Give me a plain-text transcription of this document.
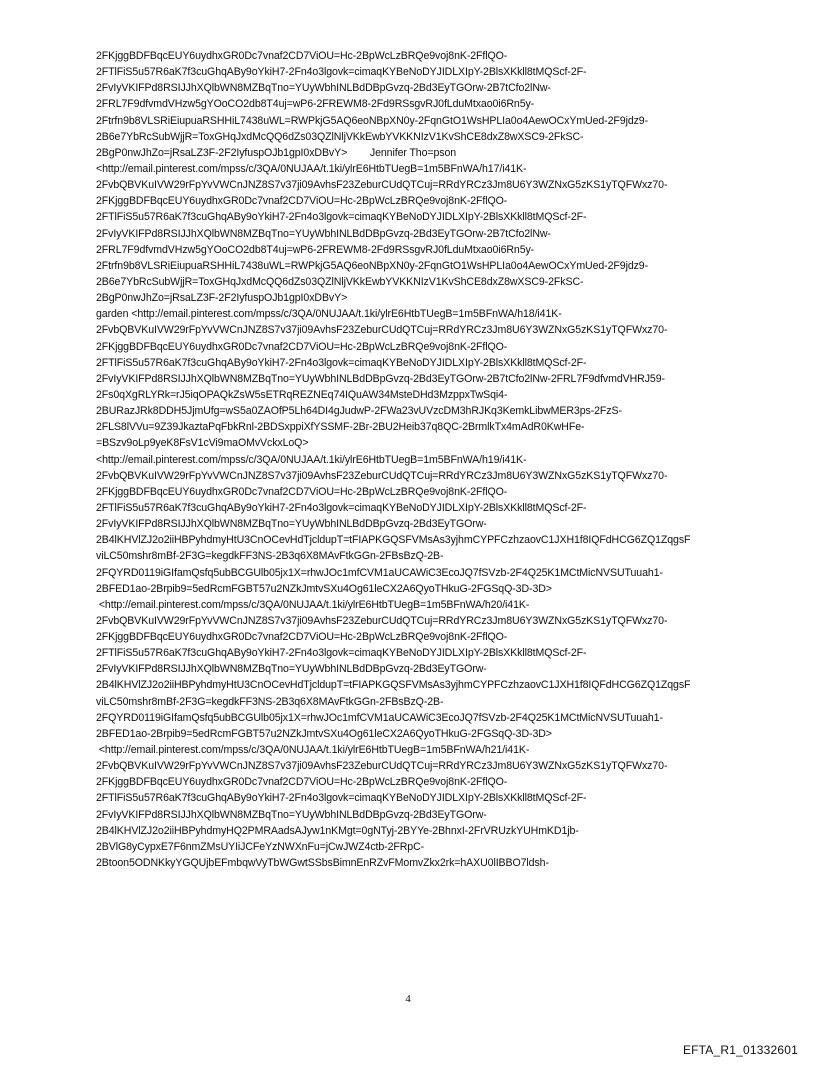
2FKjggBDFBqcEUY6uydhxGR0Dc7vnaf2CD7ViOU=Hc-2BpWcLzBRQe9voj8nK-2FflQO-
2FTlFiS5u57R6aK7f3cuGhqABy9oYkiH7-2Fn4o3lgovk=cimaqKYBeNoDYJIDLXIpY-2BlsXKkll8tMQScf-2F-
2FvIyVKIFPd8RSIJJhXQlbWN8MZBqTno=YUyWbhINLBdDBpGvzq-2Bd3EyTGOrw-2B7tCfo2lNw-
2FRL7F9dfvmdVHzw5gYOoCO2db8T4uj=wP6-2FREWM8-2Fd9RSsgvRJ0fLduMtxao0i6Rn5y-
2Ftrfn9b8VLSRiEiupuaRSHHiL7438uWL=RWPkjG5AQ6eoNBpXN0y-2FqnGtO1WsHPLIa0o4AewOCxYmUed-2F9jdz9-
2B6e7YbRcSubWjjR=ToxGHqJxdMcQQ6dZs03QZlNljVKkEwbYVKKNIzV1KvShCE8dxZ8wXSC9-2FkSC-
2BgP0nwJhZo=jRsaLZ3F-2F2IyfuspOJb1gpI0xDBvY>        Jennifer Tho=pson
<http://email.pinterest.com/mpss/c/3QA/0NUJAA/t.1ki/ylrE6HtbTUegB=1m5BFnWA/h17/i41K-
2FvbQBVKuIVW29rFpYvVWCnJNZ8S7v37ji09AvhsF23ZeburCUdQTCuj=RRdYRCz3Jm8U6Y3WZNxG5zKS1yTQFWxz70-
2FKjggBDFBqcEUY6uydhxGR0Dc7vnaf2CD7ViOU=Hc-2BpWcLzBRQe9voj8nK-2FflQO-
2FTlFiS5u57R6aK7f3cuGhqABy9oYkiH7-2Fn4o3lgovk=cimaqKYBeNoDYJIDLXIpY-2BlsXKkll8tMQScf-2F-
2FvIyVKIFPd8RSIJJhXQlbWN8MZBqTno=YUyWbhINLBdDBpGvzq-2Bd3EyTGOrw-2B7tCfo2lNw-
2FRL7F9dfvmdVHzw5gYOoCO2db8T4uj=wP6-2FREWM8-2Fd9RSsgvRJ0fLduMtxao0i6Rn5y-
2Ftrfn9b8VLSRiEiupuaRSHHiL7438uWL=RWPkjG5AQ6eoNBpXN0y-2FqnGtO1WsHPLIa0o4AewOCxYmUed-2F9jdz9-
2B6e7YbRcSubWjjR=ToxGHqJxdMcQQ6dZs03QZlNljVKkEwbYVKKNIzV1KvShCE8dxZ8wXSC9-2FkSC-
2BgP0nwJhZo=jRsaLZ3F-2F2IyfuspOJb1gpI0xDBvY>
garden <http://email.pinterest.com/mpss/c/3QA/0NUJAA/t.1ki/ylrE6HtbTUegB=1m5BFnWA/h18/i41K-
2FvbQBVKuIVW29rFpYvVWCnJNZ8S7v37ji09AvhsF23ZeburCUdQTCuj=RRdYRCz3Jm8U6Y3WZNxG5zKS1yTQFWxz70-
2FKjggBDFBqcEUY6uydhxGR0Dc7vnaf2CD7ViOU=Hc-2BpWcLzBRQe9voj8nK-2FflQO-
2FTlFiS5u57R6aK7f3cuGhqABy9oYkiH7-2Fn4o3lgovk=cimaqKYBeNoDYJIDLXIpY-2BlsXKkll8tMQScf-2F-
2FvIyVKIFPd8RSIJJhXQlbWN8MZBqTno=YUyWbhINLBdDBpGvzq-2Bd3EyTGOrw-2B7tCfo2lNw-2FRL7F9dfvmdVHRJ59-
2Fs0qXgRLYRk=rJ5iqOPAQkZsW5sETRqREZNEq74IQuAW34MsteDHd3MzppxTwSqi4-
2BURazJRk8DDH5JjmUfg=wS5a0ZAOfP5Lh64DI4gJudwP-2FWa23vUVzcDM3hRJKq3KemkLibwMER3ps-2FzS-
2FLS8lVVu=9Z39JkaztaPqFbkRnl-2BDSxppiXfYSSMF-2Br-2BU2Heib37q8QC-2BrmlkTx4mAdR0KwHFe-
=BSzv9oLp9yeK8FsV1cVi9maOMvVckxLoQ>
<http://email.pinterest.com/mpss/c/3QA/0NUJAA/t.1ki/ylrE6HtbTUegB=1m5BFnWA/h19/i41K-
2FvbQBVKuIVW29rFpYvVWCnJNZ8S7v37ji09AvhsF23ZeburCUdQTCuj=RRdYRCz3Jm8U6Y3WZNxG5zKS1yTQFWxz70-
2FKjggBDFBqcEUY6uydhxGR0Dc7vnaf2CD7ViOU=Hc-2BpWcLzBRQe9voj8nK-2FflQO-
2FTlFiS5u57R6aK7f3cuGhqABy9oYkiH7-2Fn4o3lgovk=cimaqKYBeNoDYJIDLXIpY-2BlsXKkll8tMQScf-2F-
2FvIyVKIFPd8RSIJJhXQlbWN8MZBqTno=YUyWbhINLBdDBpGvzq-2Bd3EyTGOrw-
2B4lKHVlZJ2o2iiHBPyhdmyHtU3CnOCevHdTjcldupT=tFIAPKGQSFVMsAs3yjhmCYPFCzhzaovC1JXH1f8IQFdHCG6ZQ1ZqgsF
viLC50mshr8mBf-2F3G=kegdkFF3NS-2B3q6X8MAvFtkGGn-2FBsBzQ-2B-
2FQYRD0119iGIfamQsfq5ubBCGUlb05jx1X=rhwJOc1mfCVM1aUCAWiC3EcoJQ7fSVzb-2F4Q25K1MCtMicNVSUTuuah1-
2BFED1ao-2Brpib9=5edRcmFGBT57u2NZkJmtvSXu4Og61leCX2A6QyoTHkuG-2FGSqQ-3D-3D>
<http://email.pinterest.com/mpss/c/3QA/0NUJAA/t.1ki/ylrE6HtbTUegB=1m5BFnWA/h20/i41K-
2FvbQBVKuIVW29rFpYvVWCnJNZ8S7v37ji09AvhsF23ZeburCUdQTCuj=RRdYRCz3Jm8U6Y3WZNxG5zKS1yTQFWxz70-
2FKjggBDFBqcEUY6uydhxGR0Dc7vnaf2CD7ViOU=Hc-2BpWcLzBRQe9voj8nK-2FflQO-
2FTlFiS5u57R6aK7f3cuGhqABy9oYkiH7-2Fn4o3lgovk=cimaqKYBeNoDYJIDLXIpY-2BlsXKkll8tMQScf-2F-
2FvIyVKIFPd8RSIJJhXQlbWN8MZBqTno=YUyWbhINLBdDBpGvzq-2Bd3EyTGOrw-
2B4lKHVlZJ2o2iiHBPyhdmyHtU3CnOCevHdTjcldupT=tFIAPKGQSFVMsAs3yjhmCYPFCzhzaovC1JXH1f8IQFdHCG6ZQ1ZqgsF
viLC50mshr8mBf-2F3G=kegdkFF3NS-2B3q6X8MAvFtkGGn-2FBsBzQ-2B-
2FQYRD0119iGIfamQsfq5ubBCGUlb05jx1X=rhwJOc1mfCVM1aUCAWiC3EcoJQ7fSVzb-2F4Q25K1MCtMicNVSUTuuah1-
2BFED1ao-2Brpib9=5edRcmFGBT57u2NZkJmtvSXu4Og61leCX2A6QyoTHkuG-2FGSqQ-3D-3D>
<http://email.pinterest.com/mpss/c/3QA/0NUJAA/t.1ki/ylrE6HtbTUegB=1m5BFnWA/h21/i41K-
2FvbQBVKuIVW29rFpYvVWCnJNZ8S7v37ji09AvhsF23ZeburCUdQTCuj=RRdYRCz3Jm8U6Y3WZNxG5zKS1yTQFWxz70-
2FKjggBDFBqcEUY6uydhxGR0Dc7vnaf2CD7ViOU=Hc-2BpWcLzBRQe9voj8nK-2FflQO-
2FTlFiS5u57R6aK7f3cuGhqABy9oYkiH7-2Fn4o3lgovk=cimaqKYBeNoDYJIDLXIpY-2BlsXKkll8tMQScf-2F-
2FvIyVKIFPd8RSIJJhXQlbWN8MZBqTno=YUyWbhINLBdDBpGvzq-2Bd3EyTGOrw-
2B4lKHVlZJ2o2iiHBPyhdmyHQ2PMRAadsAJyw1nKMgt=0gNTyj-2BYYe-2BhnxI-2FrVRUzkYUHmKD1jb-
2BVlG8yCypxE7F6nmZMsUYIiJCFeYzNWXnFu=jCwJWZ4ctb-2FRpC-
2Btoon5ODNKkyYGQUjbEFmbqwVyTbWGwtSSbsBimnEnRZvFMomvZkx2rk=hAXU0lIBBO7ldsh-
4
EFTA_R1_01332601
